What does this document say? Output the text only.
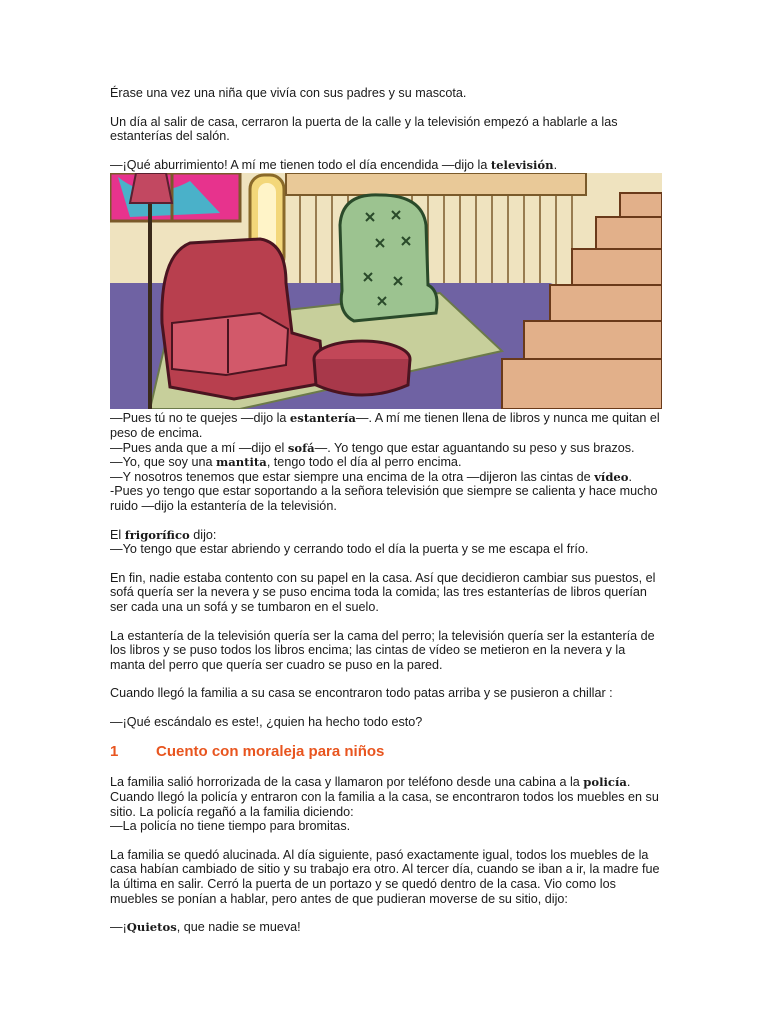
Érase una vez una niña que vivía con sus padres y su mascota.

Un día al salir de casa, cerraron la puerta de la calle y la televisión empezó a hablarle a las estanterías del salón.

—¡Qué aburrimiento! A mí me tienen todo el día encendida —dijo la televisión.

—Pues tú no te quejes —dijo la estantería—. A mí me tienen llena de libros y nunca me quitan el peso de encima.

—Pues anda que a mí —dijo el sofá—. Yo tengo que estar aguantando su peso y sus brazos.

—Yo, que soy una mantita, tengo todo el día al perro encima.

—Y nosotros tenemos que estar siempre una encima de la otra —dijeron las cintas de vídeo.

-Pues yo tengo que estar soportando a la señora televisión que siempre se calienta y hace mucho ruido —dijo la estantería de la televisión.

El frigorífico dijo:

—Yo tengo que estar abriendo y cerrando todo el día la puerta y se me escapa el frío.

En fin, nadie estaba contento con su papel en la casa. Así que decidieron cambiar sus puestos, el sofá quería ser la nevera y se puso encima toda la comida; las tres estanterías de libros querían ser cada una un sofá y se tumbaron en el suelo.

La estantería de la televisión quería ser la cama del perro; la televisión quería ser la estantería de los libros y se puso todos los libros encima; las cintas de vídeo se metieron en la nevera y la manta del perro que quería ser cuadro se puso en la pared.

Cuando llegó la familia a su casa se encontraron todo patas arriba y se pusieron a chillar :

—¡Qué escándalo es este!, ¿quien ha hecho todo esto?

1	Cuento con moraleja para niños

La familia salió horrorizada de la casa y llamaron por teléfono desde una cabina a la policía. Cuando llegó la policía y entraron con la familia a la casa, se encontraron todos los muebles en su sitio. La policía regañó a la familia diciendo:

—La policía no tiene tiempo para bromitas.

La familia se quedó alucinada. Al día siguiente, pasó exactamente igual, todos los muebles de la casa habían cambiado de sitio y su trabajo era otro. Al tercer día, cuando se iban a ir, la madre fue la última en salir. Cerró la puerta de un portazo y se quedó dentro de la casa. Vio como los muebles se ponían a hablar, pero antes de que pudieran moverse de su sitio, dijo:

—¡Quietos, que nadie se mueva!
